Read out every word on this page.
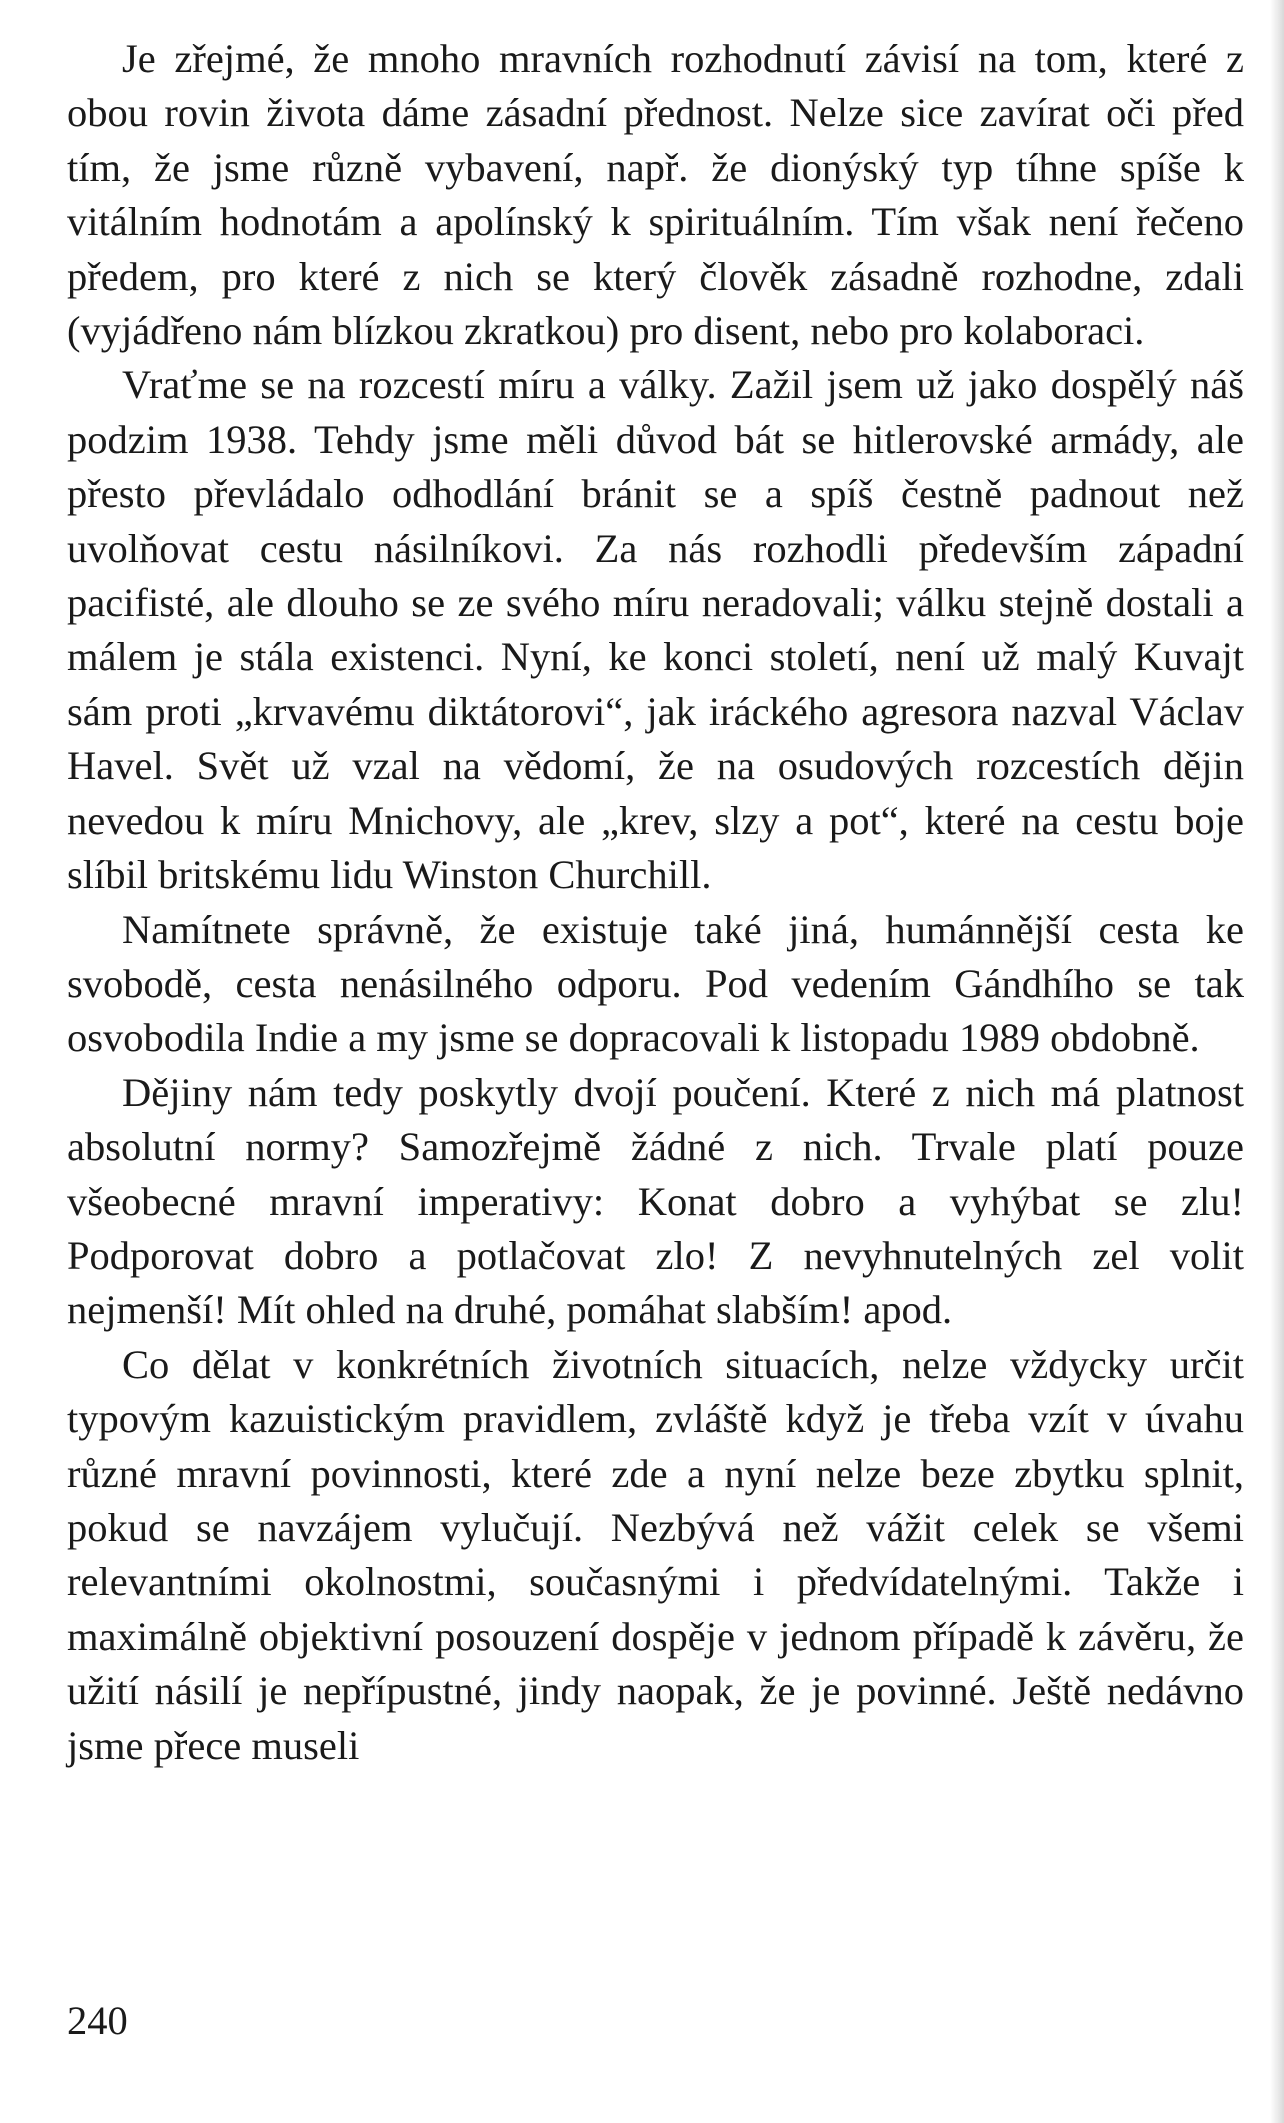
Je zřejmé, že mnoho mravních rozhodnutí závisí na tom, které z obou rovin života dáme zásadní přednost. Nelze sice zavírat oči před tím, že jsme různě vybavení, např. že dionýský typ tíhne spíše k vitálním hodnotám a apolínský k spirituálním. Tím však není řečeno předem, pro které z nich se který člověk zásadně rozhodne, zdali (vyjádřeno nám blízkou zkratkou) pro disent, nebo pro kolaboraci.

Vraťme se na rozcestí míru a války. Zažil jsem už jako dospělý náš podzim 1938. Tehdy jsme měli důvod bát se hitlerovské armády, ale přesto převládalo odhodlání bránit se a spíš čestně padnout než uvolňovat cestu násilníkovi. Za nás rozhodli především západní pacifisté, ale dlouho se ze svého míru neradovali; válku stejně dostali a málem je stála existenci. Nyní, ke konci století, není už malý Kuvajt sám proti „krvavému diktátorovi“, jak iráckého agresora nazval Václav Havel. Svět už vzal na vědomí, že na osudových rozcestích dějin nevedou k míru Mnichovy, ale „krev, slzy a pot“, které na cestu boje slíbil britskému lidu Winston Churchill.

Namítnete správně, že existuje také jiná, humánnější cesta ke svobodě, cesta nenásilného odporu. Pod vedením Gándhího se tak osvobodila Indie a my jsme se dopracovali k listopadu 1989 obdobně.

Dějiny nám tedy poskytly dvojí poučení. Které z nich má platnost absolutní normy? Samozřejmě žádné z nich. Trvale platí pouze všeobecné mravní imperativy: Konat dobro a vyhýbat se zlu! Podporovat dobro a potlačovat zlo! Z nevyhnutelných zel volit nejmenší! Mít ohled na druhé, pomáhat slabším! apod.

Co dělat v konkrétních životních situacích, nelze vždycky určit typovým kazuistickým pravidlem, zvláště když je třeba vzít v úvahu různé mravní povinnosti, které zde a nyní nelze beze zbytku splnit, pokud se navzájem vylučují. Nezbývá než vážit celek se všemi relevantními okolnostmi, současnými i předvídatelnými. Takže i maximálně objektivní posouzení dospěje v jednom případě k závěru, že užití násilí je nepřípustné, jindy naopak, že je povinné. Ještě nedávno jsme přece museli

240
